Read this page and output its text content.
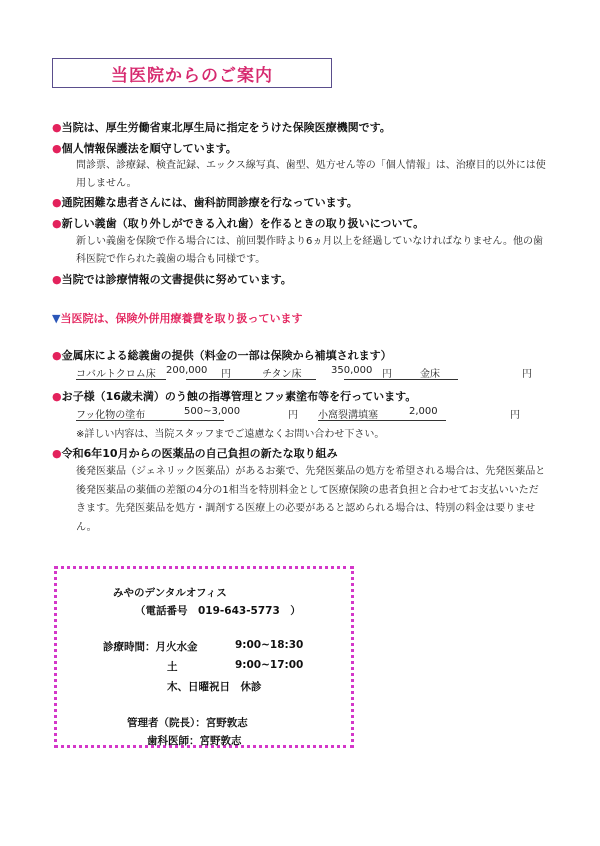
当医院からのご案内
●当院は、厚生労働省東北厚生局に指定をうけた保険医療機関です。
●個人情報保護法を順守しています。
問診票、診療録、検査記録、エックス線写真、歯型、処方せん等の「個人情報」は、治療目的以外には使用しません。
●通院困難な患者さんには、歯科訪問診療を行なっています。
●新しい義歯（取り外しができる入れ歯）を作るときの取り扱いについて。
新しい義歯を保険で作る場合には、前回製作時より6ヵ月以上を経過していなければなりません。他の歯科医院で作られた義歯の場合も同様です。
●当院では診療情報の文書提供に努めています。
▼当医院は、保険外併用療養費を取り扱っています
●金属床による総義歯の提供（料金の一部は保険から補填されます）
コバルトクロム床 200,000 円	チタン床	350,000 円	金床	円
●お子様（16歳未満）のう蝕の指導管理とフッ素塗布等を行っています。
フッ化物の塗布	500~3,000	円 小窩裂溝填塞	2,000	円
※詳しい内容は、当院スタッフまでご遠慮なくお問い合わせ下さい。
●令和6年10月からの医薬品の自己負担の新たな取り組み
後発医薬品（ジェネリック医薬品）があるお薬で、先発医薬品の処方を希望される場合は、先発医薬品と後発医薬品の薬価の差額の4分の1相当を特別料金として医療保険の患者負担と合わせてお支払いいただきます。先発医薬品を処方・調剤する医療上の必要があると認められる場合は、特別の料金は要りません。
みやのデンタルオフィス
（電話番号　019-643-5773　）
診療時間：月火水金	9:00~18:30
土	9:00~17:00
木、日曜祝日　休診
管理者（院長）：宮野敦志
歯科医師：宮野敦志
